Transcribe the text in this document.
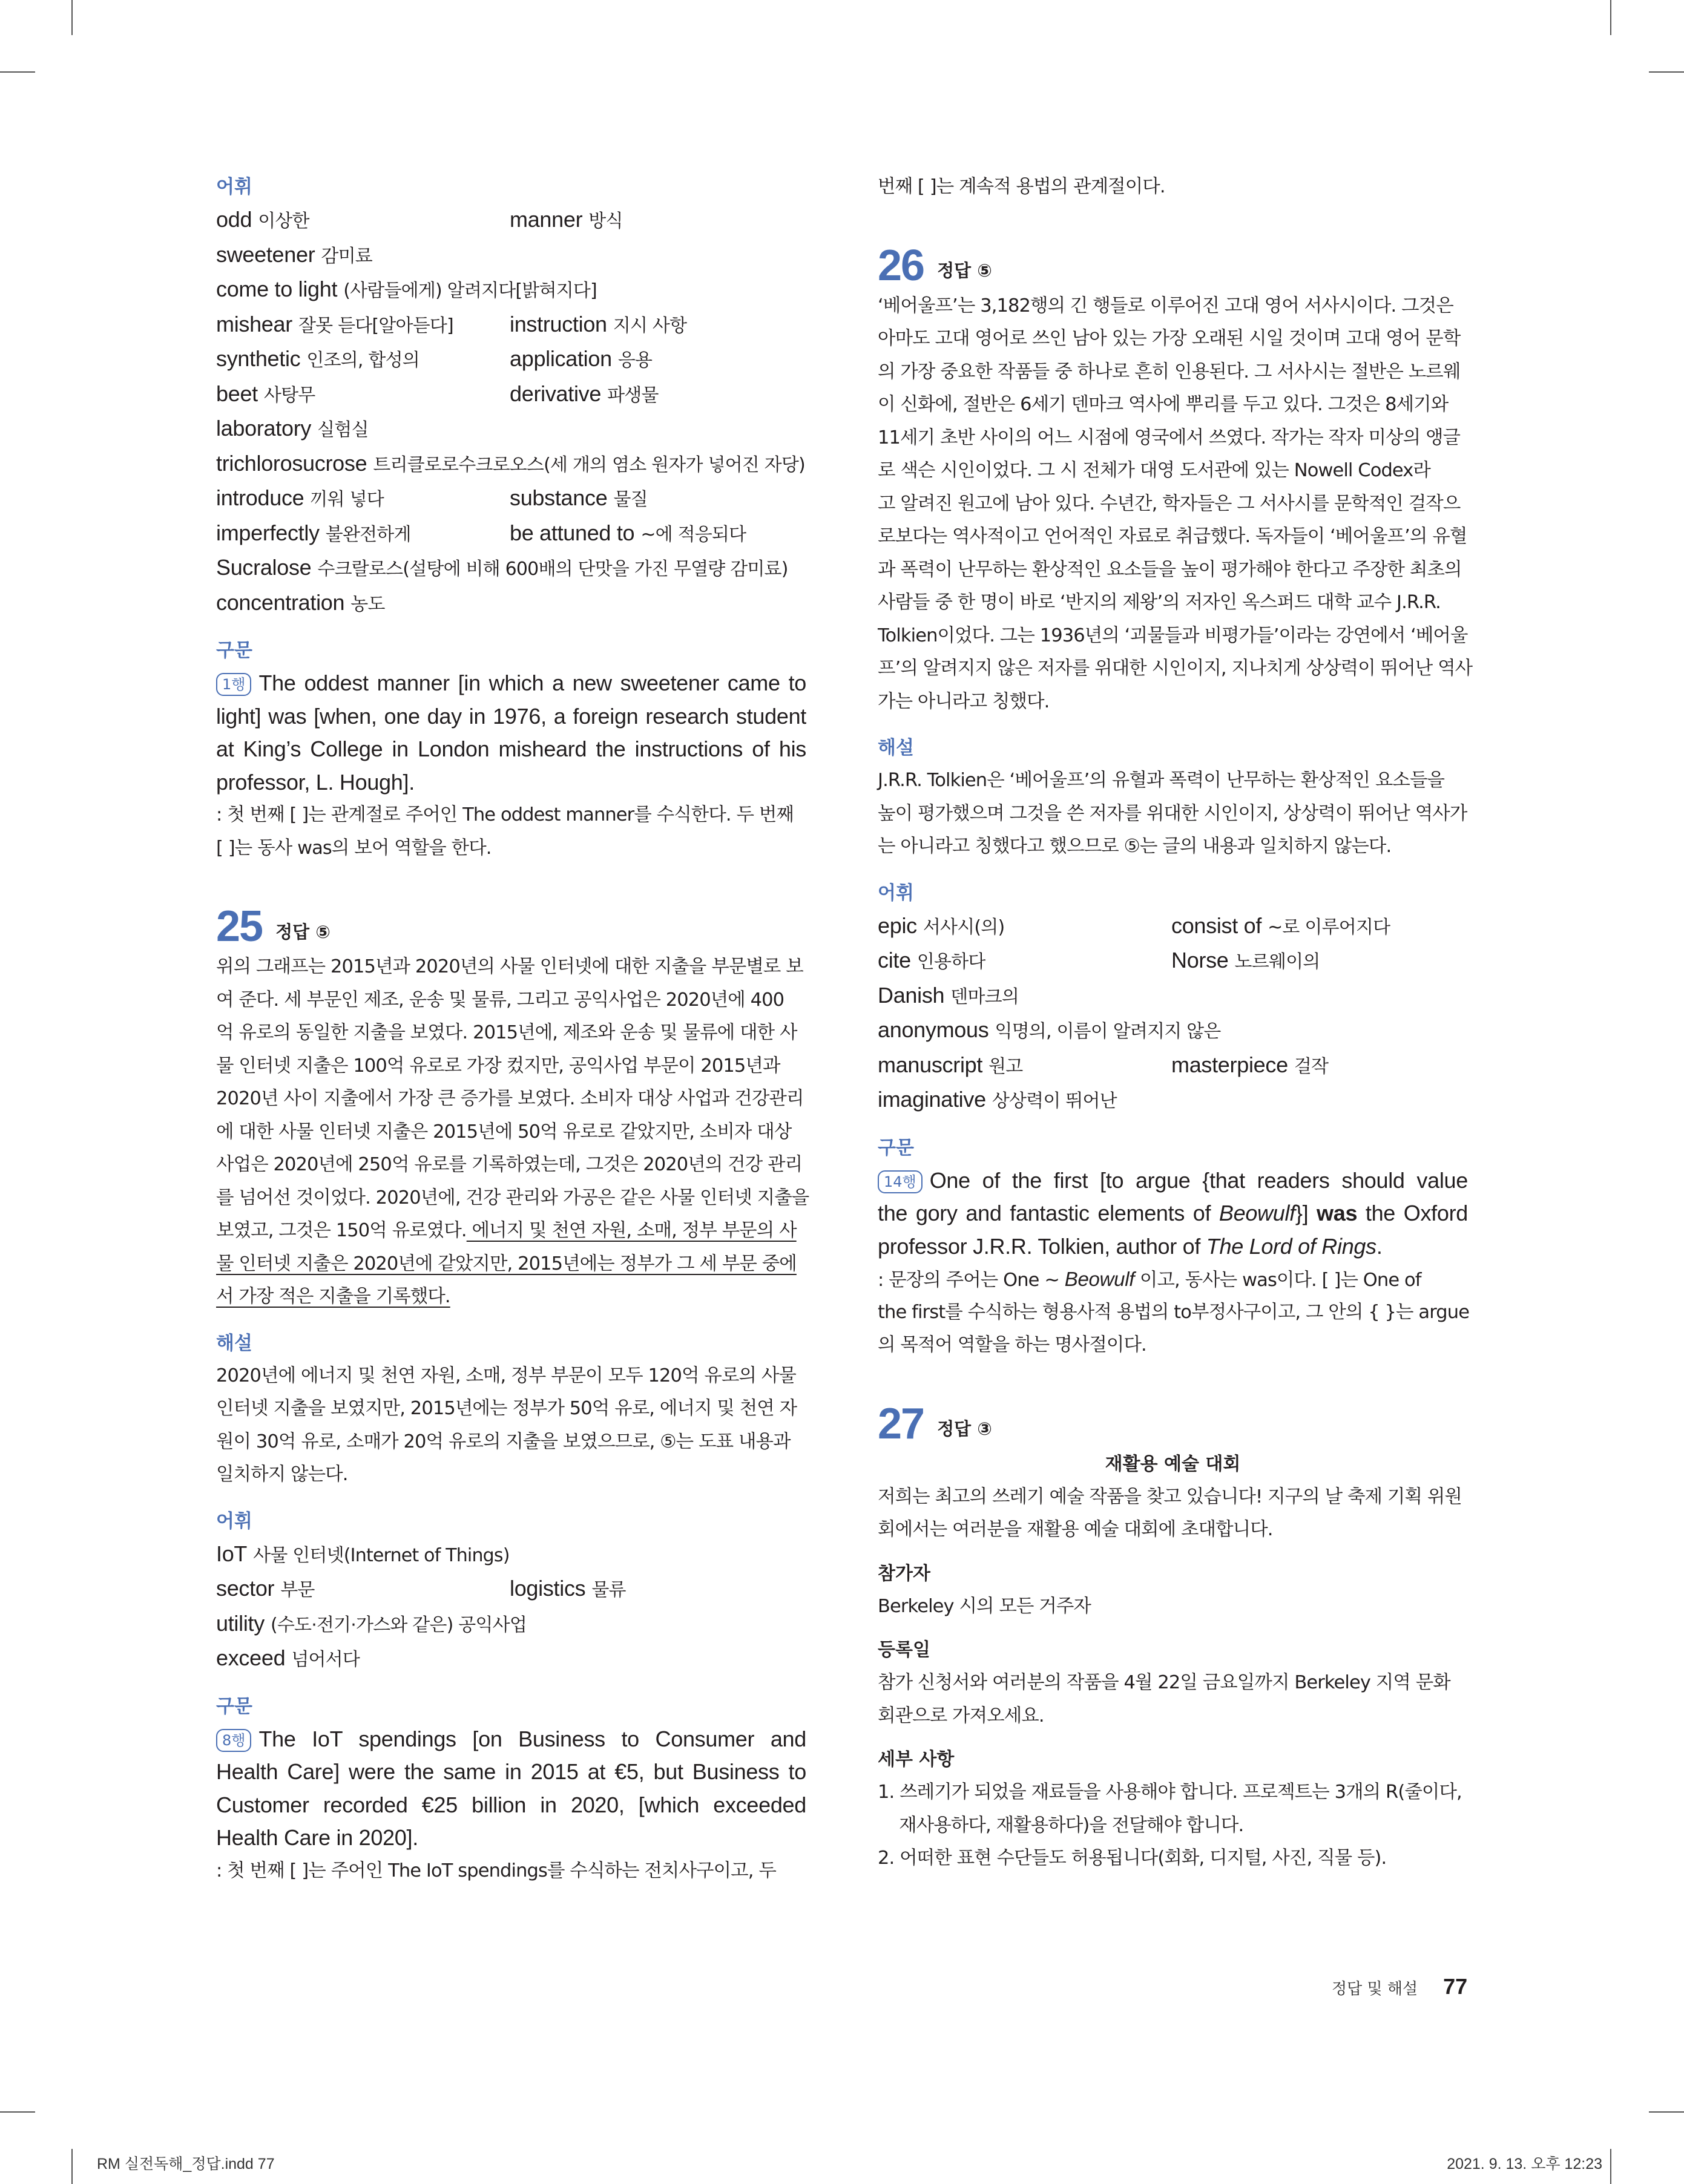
어휘
odd 이상한	manner 방식
sweetener 감미료
come to light (사람들에게) 알려지다[밝혀지다]
mishear 잘못 듣다[알아듣다]	instruction 지시 사항
synthetic 인조의, 합성의	application 응용
beet 사탕무	derivative 파생물
laboratory 실험실
trichlorosucrose 트리클로로수크로오스(세 개의 염소 원자가 넣어진 자당)
introduce 끼워 넣다	substance 물질
imperfectly 불완전하게	be attuned to ~에 적응되다
Sucralose 수크랄로스(설탕에 비해 600배의 단맛을 가진 무열량 감미료)
concentration 농도
구문
1행 The oddest manner [in which a new sweetener came to
light] was [when, one day in 1976, a foreign research student
at King’s College in London misheard the instructions of his
professor, L. Hough].
: 첫 번째 [ ]는 관계절로 주어인 The oddest manner를 수식한다. 두 번째
[ ]는 동사 was의 보어 역할을 한다.
25 정답 ⑤
위의 그래프는 2015년과 2020년의 사물 인터넷에 대한 지출을 부문별로 보
여 준다. 세 부문인 제조, 운송 및 물류, 그리고 공익사업은 2020년에 400
억 유로의 동일한 지출을 보였다. 2015년에, 제조와 운송 및 물류에 대한 사
물 인터넷 지출은 100억 유로로 가장 컸지만, 공익사업 부문이 2015년과
2020년 사이 지출에서 가장 큰 증가를 보였다. 소비자 대상 사업과 건강관리
에 대한 사물 인터넷 지출은 2015년에 50억 유로로 같았지만, 소비자 대상
사업은 2020년에 250억 유로를 기록하였는데, 그것은 2020년의 건강 관리
를 넘어선 것이었다. 2020년에, 건강 관리와 가공은 같은 사물 인터넷 지출을
보였고, 그것은 150억 유로였다. 에너지 및 천연 자원, 소매, 정부 부문의 사
물 인터넷 지출은 2020년에 같았지만, 2015년에는 정부가 그 세 부문 중에
서 가장 적은 지출을 기록했다.
해설
2020년에 에너지 및 천연 자원, 소매, 정부 부문이 모두 120억 유로의 사물
인터넷 지출을 보였지만, 2015년에는 정부가 50억 유로, 에너지 및 천연 자
원이 30억 유로, 소매가 20억 유로의 지출을 보였으므로, ⑤는 도표 내용과
일치하지 않는다.
어휘
IoT 사물 인터넷(Internet of Things)
sector 부문	logistics 물류
utility (수도·전기·가스와 같은) 공익사업
exceed 넘어서다
구문
8행 The IoT spendings [on Business to Consumer and
Health Care] were the same in 2015 at €5, but Business to
Customer recorded €25 billion in 2020, [which exceeded
Health Care in 2020].
: 첫 번째 [ ]는 주어인 The IoT spendings를 수식하는 전치사구이고, 두
번째 [ ]는 계속적 용법의 관계절이다.
26 정답 ⑤
‘베어울프’는 3,182행의 긴 행들로 이루어진 고대 영어 서사시이다. 그것은
아마도 고대 영어로 쓰인 남아 있는 가장 오래된 시일 것이며 고대 영어 문학
의 가장 중요한 작품들 중 하나로 흔히 인용된다. 그 서사시는 절반은 노르웨
이 신화에, 절반은 6세기 덴마크 역사에 뿌리를 두고 있다. 그것은 8세기와
11세기 초반 사이의 어느 시점에 영국에서 쓰였다. 작가는 작자 미상의 앵글
로 색슨 시인이었다. 그 시 전체가 대영 도서관에 있는 Nowell Codex라
고 알려진 원고에 남아 있다. 수년간, 학자들은 그 서사시를 문학적인 걸작으
로보다는 역사적이고 언어적인 자료로 취급했다. 독자들이 ‘베어울프’의 유혈
과 폭력이 난무하는 환상적인 요소들을 높이 평가해야 한다고 주장한 최초의
사람들 중 한 명이 바로 ‘반지의 제왕’의 저자인 옥스퍼드 대학 교수 J.R.R.
Tolkien이었다. 그는 1936년의 ‘괴물들과 비평가들’이라는 강연에서 ‘베어울
프’의 알려지지 않은 저자를 위대한 시인이지, 지나치게 상상력이 뛰어난 역사
가는 아니라고 칭했다.
해설
J.R.R. Tolkien은 ‘베어울프’의 유혈과 폭력이 난무하는 환상적인 요소들을
높이 평가했으며 그것을 쓴 저자를 위대한 시인이지, 상상력이 뛰어난 역사가
는 아니라고 칭했다고 했으므로 ⑤는 글의 내용과 일치하지 않는다.
어휘
epic 서사시(의)	consist of ~로 이루어지다
cite 인용하다	Norse 노르웨이의
Danish 덴마크의
anonymous 익명의, 이름이 알려지지 않은
manuscript 원고	masterpiece 걸작
imaginative 상상력이 뛰어난
구문
14행 One of the first [to argue {that readers should value
the gory and fantastic elements of Beowulf}] was the Oxford
professor J.R.R. Tolkien, author of The Lord of Rings.
: 문장의 주어는 One ~ Beowulf 이고, 동사는 was이다. [ ]는 One of
the first를 수식하는 형용사적 용법의 to부정사구이고, 그 안의 { }는 argue
의 목적어 역할을 하는 명사절이다.
27 정답 ③
재활용 예술 대회
저희는 최고의 쓰레기 예술 작품을 찾고 있습니다! 지구의 날 축제 기획 위원
회에서는 여러분을 재활용 예술 대회에 초대합니다.
참가자
Berkeley 시의 모든 거주자
등록일
참가 신청서와 여러분의 작품을 4월 22일 금요일까지 Berkeley 지역 문화
회관으로 가져오세요.
세부 사항
1. 쓰레기가 되었을 재료들을 사용해야 합니다. 프로젝트는 3개의 R(줄이다,
재사용하다, 재활용하다)을 전달해야 합니다.
2. 어떠한 표현 수단들도 허용됩니다(회화, 디지털, 사진, 직물 등).
정답 및 해설 77
RM 실전독해_정답.indd 77	2021. 9. 13. 오후 12:23
